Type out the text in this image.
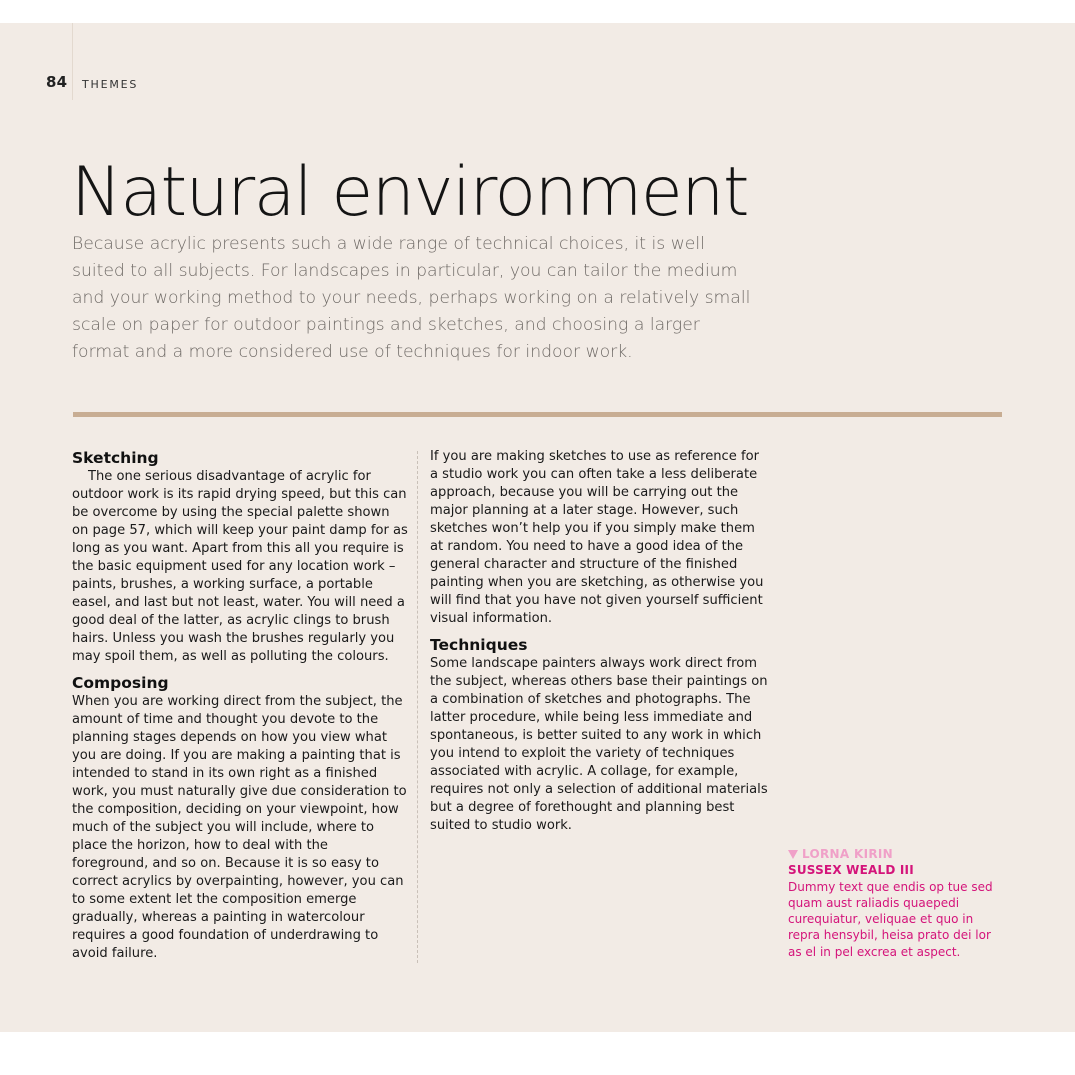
84 THEMES
Natural environment

Because acrylic presents such a wide range of technical choices, it is well suited to all subjects. For landscapes in particular, you can tailor the medium and your working method to your needs, perhaps working on a relatively small scale on paper for outdoor paintings and sketches, and choosing a larger format and a more considered use of techniques for indoor work.

Sketching

The one serious disadvantage of acrylic for outdoor work is its rapid drying speed, but this can be overcome by using the special palette shown on page 57, which will keep your paint damp for as long as you want. Apart from this all you require is the basic equipment used for any location work – paints, brushes, a working surface, a portable easel, and last but not least, water. You will need a good deal of the latter, as acrylic clings to brush hairs. Unless you wash the brushes regularly you may spoil them, as well as polluting the colours.

Composing

When you are working direct from the subject, the amount of time and thought you devote to the planning stages depends on how you view what you are doing. If you are making a painting that is intended to stand in its own right as a finished work, you must naturally give due consideration to the composition, deciding on your viewpoint, how much of the subject you will include, where to place the horizon, how to deal with the foreground, and so on. Because it is so easy to correct acrylics by overpainting, however, you can to some extent let the composition emerge gradually, whereas a painting in watercolour requires a good foundation of underdrawing to avoid failure.

If you are making sketches to use as reference for a studio work you can often take a less deliberate approach, because you will be carrying out the major planning at a later stage. However, such sketches won’t help you if you simply make them at random. You need to have a good idea of the general character and structure of the finished painting when you are sketching, as otherwise you will find that you have not given yourself sufficient visual information.

Techniques

Some landscape painters always work direct from the subject, whereas others base their paintings on a combination of sketches and photographs. The latter procedure, while being less immediate and spontaneous, is better suited to any work in which you intend to exploit the variety of techniques associated with acrylic. A collage, for example, requires not only a selection of additional materials but a degree of forethought and planning best suited to studio work.

LORNA KIRIN
SUSSEX WEALD III

Dummy text que endis op tue sed quam aust raliadis quaepedi curequiatur, veliquae et quo in repra hensybil, heisa prato dei lor as el in pel excrea et aspect.
